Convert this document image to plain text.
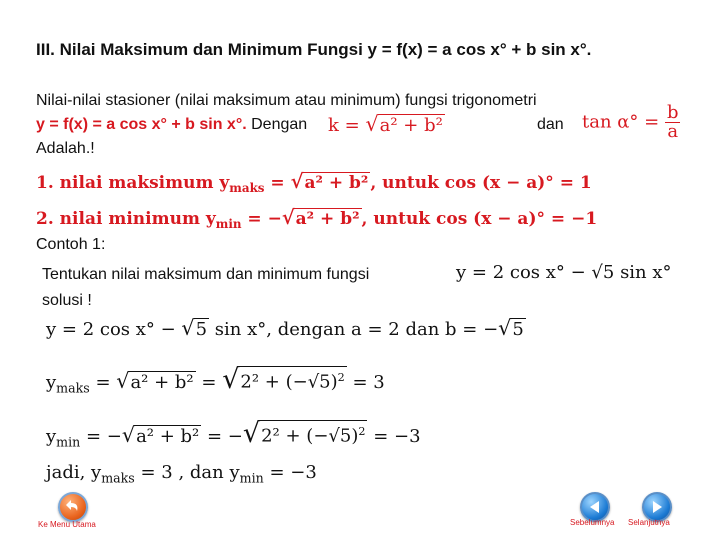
III. Nilai Maksimum dan Minimum Fungsi y = f(x) = a cos x° + b sin x°.
Nilai-nilai stasioner (nilai maksimum atau minimum) fungsi trigonometri
y = f(x) = a cos x° + b sin x°. Dengan k = √a² + b²	dan $\tan \alpha^\circ = \frac{b}{a}$
Adalah.!
1. nilai maksimum $y_{maks} = √a^2 + b^2$ , untuk cos (x − a)° = 1
2. nilai minimum $y_{min} = -√a^2 + b^2$ , untuk cos (x − a)° = −1
Contoh 1:
Tentukan nilai maksimum dan minimum fungsi	y = 2 cos x° − √5 sin x°
solusi !
y = 2 cos x° − √5 sin x°, dengan a = 2 dan b = −√5
$y_{maks} = √a^2 + b^2 = √2^2 + (-√5)^2 = 3$
$y_{min} = -√a^2 + b^2 = -√2^2 + (-√5)^2 = -3$
jadi, $y_{maks} = 3$ , dan $y_{min} = -3$
Ke Menu Utama	Sebelumnya Selanjutnya
